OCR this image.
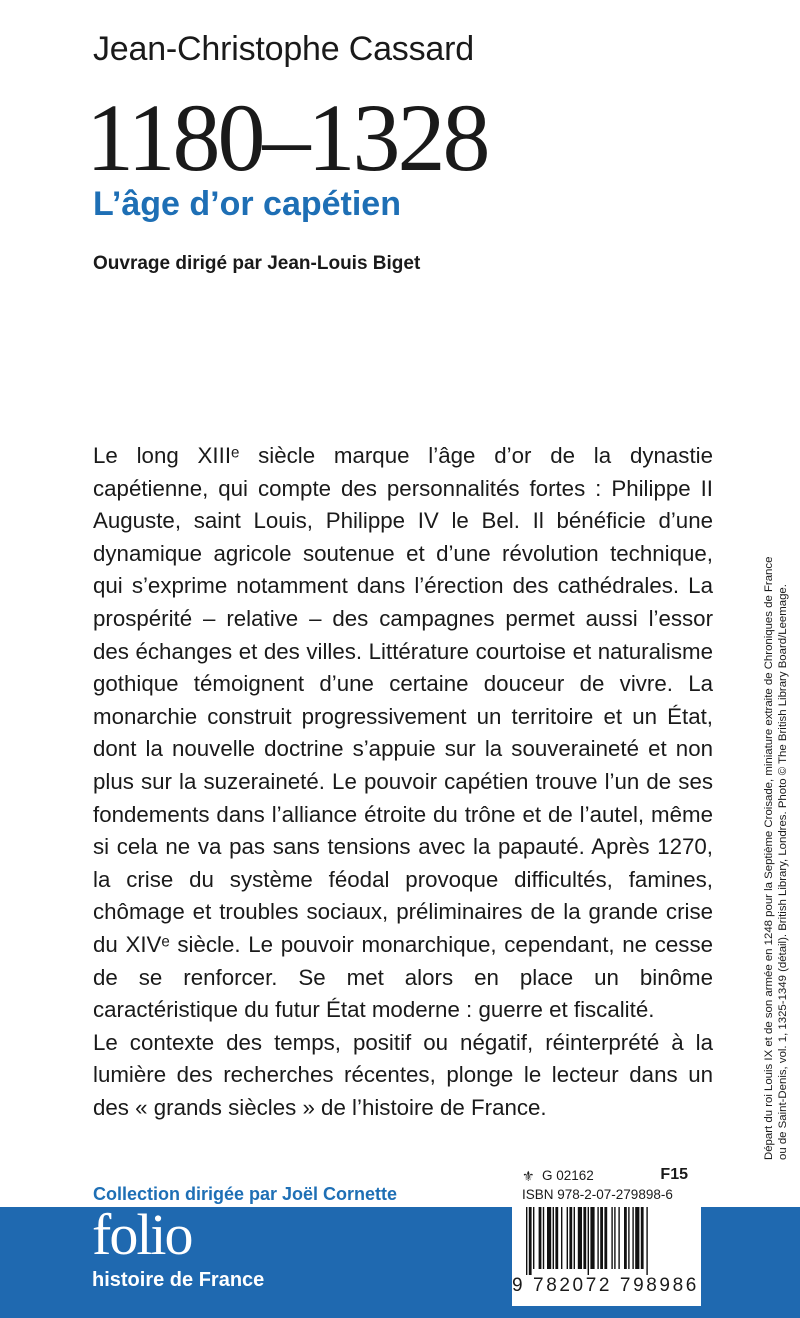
Jean-Christophe Cassard
1180–1328
L’âge d’or capétien
Ouvrage dirigé par Jean-Louis Biget

Le long XIIIᵉ siècle marque l’âge d’or de la dynastie capétienne, qui compte des personnalités fortes : Philippe II Auguste, saint Louis, Philippe IV le Bel. Il bénéficie d’une dynamique agricole soutenue et d’une révolution technique, qui s’exprime notamment dans l’érection des cathédrales. La prospérité – relative – des campagnes permet aussi l’essor des échanges et des villes. Littérature courtoise et naturalisme gothique témoignent d’une certaine douceur de vivre. La monarchie construit progressivement un territoire et un État, dont la nouvelle doctrine s’appuie sur la souveraineté et non plus sur la suzeraineté. Le pouvoir capétien trouve l’un de ses fondements dans l’alliance étroite du trône et de l’autel, même si cela ne va pas sans tensions avec la papauté. Après 1270, la crise du système féodal provoque difficultés, famines, chômage et troubles sociaux, préliminaires de la grande crise du XIVᵉ siècle. Le pouvoir monarchique, cependant, ne cesse de se renforcer. Se met alors en place un binôme caractéristique du futur État moderne : guerre et fiscalité.

Le contexte des temps, positif ou négatif, réinterprété à la lumière des recherches récentes, plonge le lecteur dans un des « grands siècles » de l’histoire de France.	Départ du roi Louis IX et de son armée en 1248 pour la Septième Croisade, miniature extraite de Chroniques de France ou de Saint-Denis, vol. 1, 1325-1349 (détail). British Library, Londres. Photo © The British Library Board/Leemage.
Collection dirigée par Joël Cornette
folio
histoire de France
⚜ G 02162	F15
ISBN 978-2-07-279898-6
9 782072 798986
